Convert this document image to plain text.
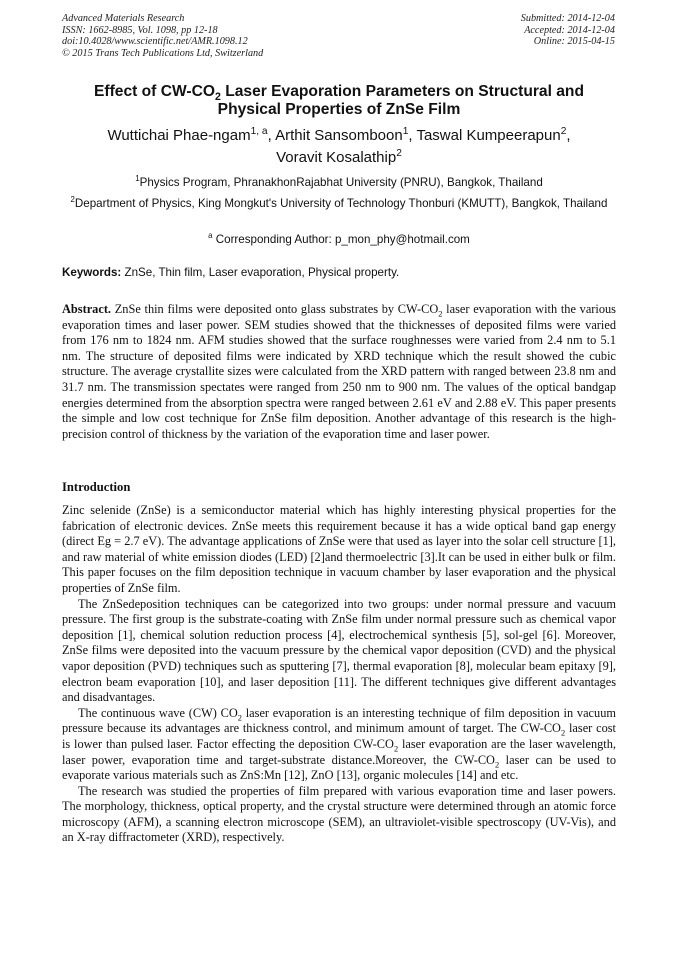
Advanced Materials Research
ISSN: 1662-8985, Vol. 1098, pp 12-18
doi:10.4028/www.scientific.net/AMR.1098.12
© 2015 Trans Tech Publications Ltd, Switzerland
Submitted: 2014-12-04
Accepted: 2014-12-04
Online: 2015-04-15
Effect of $CW-CO_2$ Laser Evaporation Parameters on Structural and Physical Properties of ZnSe Film
Wuttichai Phae-ngam$^{1, a}$, Arthit Sansomboon$^1$, Taswal Kumpeerapun$^2$,
Voravit Kosalathip$^2$
$^1$Physics Program, PhranakhonRajabhat University (PNRU), Bangkok, Thailand
$^2$Department of Physics, King Mongkut's University of Technology Thonburi (KMUTT), Bangkok, Thailand
$^a$ Corresponding Author: p_mon_phy@hotmail.com
Keywords: ZnSe, Thin film, Laser evaporation, Physical property.

Abstract. ZnSe thin films were deposited onto glass substrates by $CW-CO_2$ laser evaporation with the various evaporation times and laser power. SEM studies showed that the thicknesses of deposited films were varied from 176 nm to 1824 nm. AFM studies showed that the surface roughnesses were varied from 2.4 nm to 5.1 nm. The structure of deposited films were indicated by XRD technique which the result showed the cubic structure. The average crystallite sizes were calculated from the XRD pattern with ranged between 23.8 nm and 31.7 nm. The transmission spectates were ranged from 250 nm to 900 nm. The values of the optical bandgap energies determined from the absorption spectra were ranged between 2.61 eV and 2.88 eV. This paper presents the simple and low cost technique for ZnSe film deposition. Another advantage of this research is the high-precision control of thickness by the variation of the evaporation time and laser power.

Introduction

Zinc selenide (ZnSe) is a semiconductor material which has highly interesting physical properties for the fabrication of electronic devices. ZnSe meets this requirement because it has a wide optical band gap energy (direct Eg = 2.7 eV). The advantage applications of ZnSe were that used as layer into the solar cell structure [1], and raw material of white emission diodes (LED) [2]and thermoelectric [3].It can be used in either bulk or film. This paper focuses on the film deposition technique in vacuum chamber by laser evaporation and the physical properties of ZnSe film.

The ZnSedeposition techniques can be categorized into two groups: under normal pressure and vacuum pressure. The first group is the substrate-coating with ZnSe film under normal pressure such as chemical vapor deposition [1], chemical solution reduction process [4], electrochemical synthesis [5], sol-gel [6]. Moreover, ZnSe films were deposited into the vacuum pressure by the chemical vapor deposition (CVD) and the physical vapor deposition (PVD) techniques such as sputtering [7], thermal evaporation [8], molecular beam epitaxy [9], electron beam evaporation [10], and laser deposition [11]. The different techniques give different advantages and disadvantages.

The continuous wave (CW) $CO_2$ laser evaporation is an interesting technique of film deposition in vacuum pressure because its advantages are thickness control, and minimum amount of target. The $CW-CO_2$ laser cost is lower than pulsed laser. Factor effecting the deposition $CW-CO_2$ laser evaporation are the laser wavelength, laser power, evaporation time and target-substrate distance.Moreover, the $CW-CO_2$ laser can be used to evaporate various materials such as ZnS:Mn [12], ZnO [13], organic molecules [14] and etc.

The research was studied the properties of film prepared with various evaporation time and laser powers. The morphology, thickness, optical property, and the crystal structure were determined through an atomic force microscopy (AFM), a scanning electron microscope (SEM), an ultraviolet-visible spectroscopy (UV-Vis), and an X-ray diffractometer (XRD), respectively.
